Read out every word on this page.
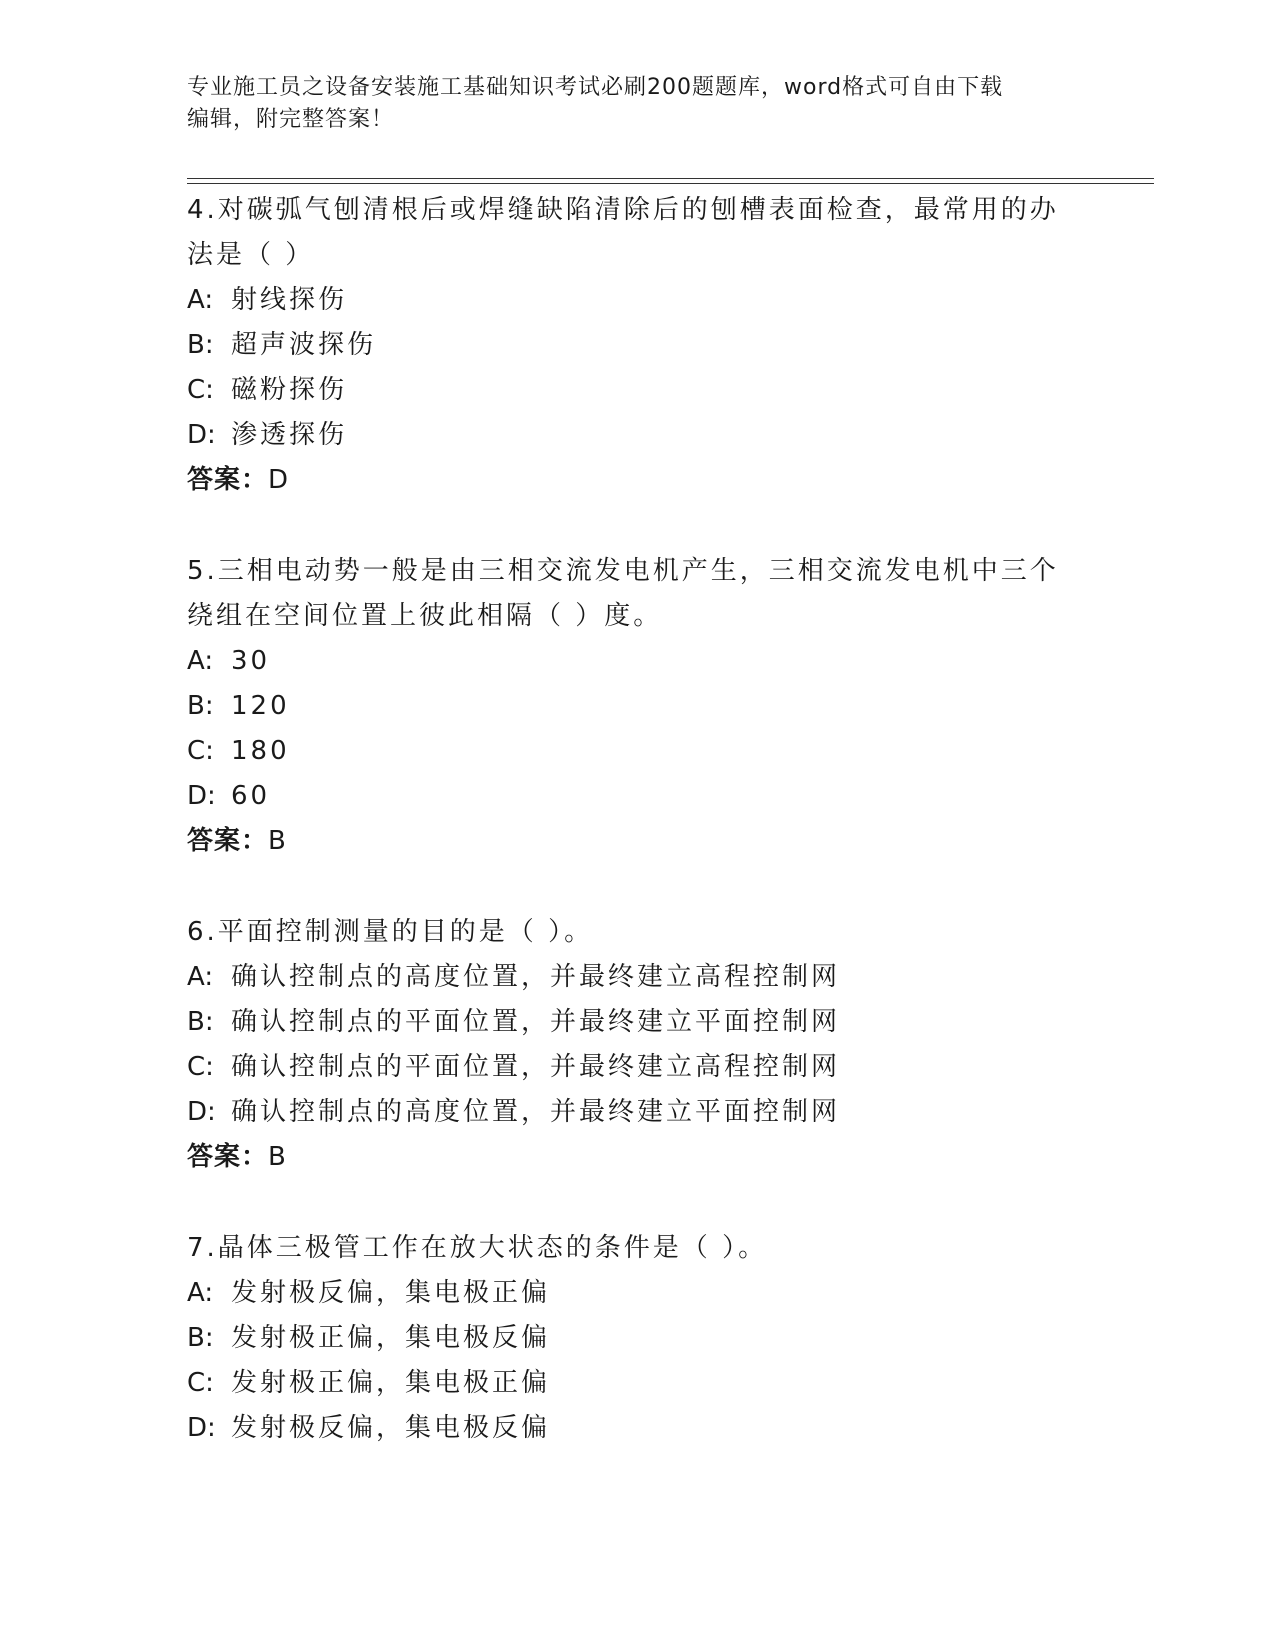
专业施工员之设备安装施工基础知识考试必刷200题题库，word格式可自由下载
编辑，附完整答案！

4.对碳弧气刨清根后或焊缝缺陷清除后的刨槽表面检查，最常用的办

法是（ ）

A: 射线探伤

B: 超声波探伤

C: 磁粉探伤

D: 渗透探伤

答案：D

5.三相电动势一般是由三相交流发电机产生，三相交流发电机中三个

绕组在空间位置上彼此相隔（ ）度。

A: 30

B: 120

C: 180

D: 60

答案：B

6.平面控制测量的目的是（ ）。

A: 确认控制点的高度位置，并最终建立高程控制网

B: 确认控制点的平面位置，并最终建立平面控制网

C: 确认控制点的平面位置，并最终建立高程控制网

D: 确认控制点的高度位置，并最终建立平面控制网

答案：B

7.晶体三极管工作在放大状态的条件是（ ）。

A: 发射极反偏，集电极正偏

B: 发射极正偏，集电极反偏

C: 发射极正偏，集电极正偏

D: 发射极反偏，集电极反偏
